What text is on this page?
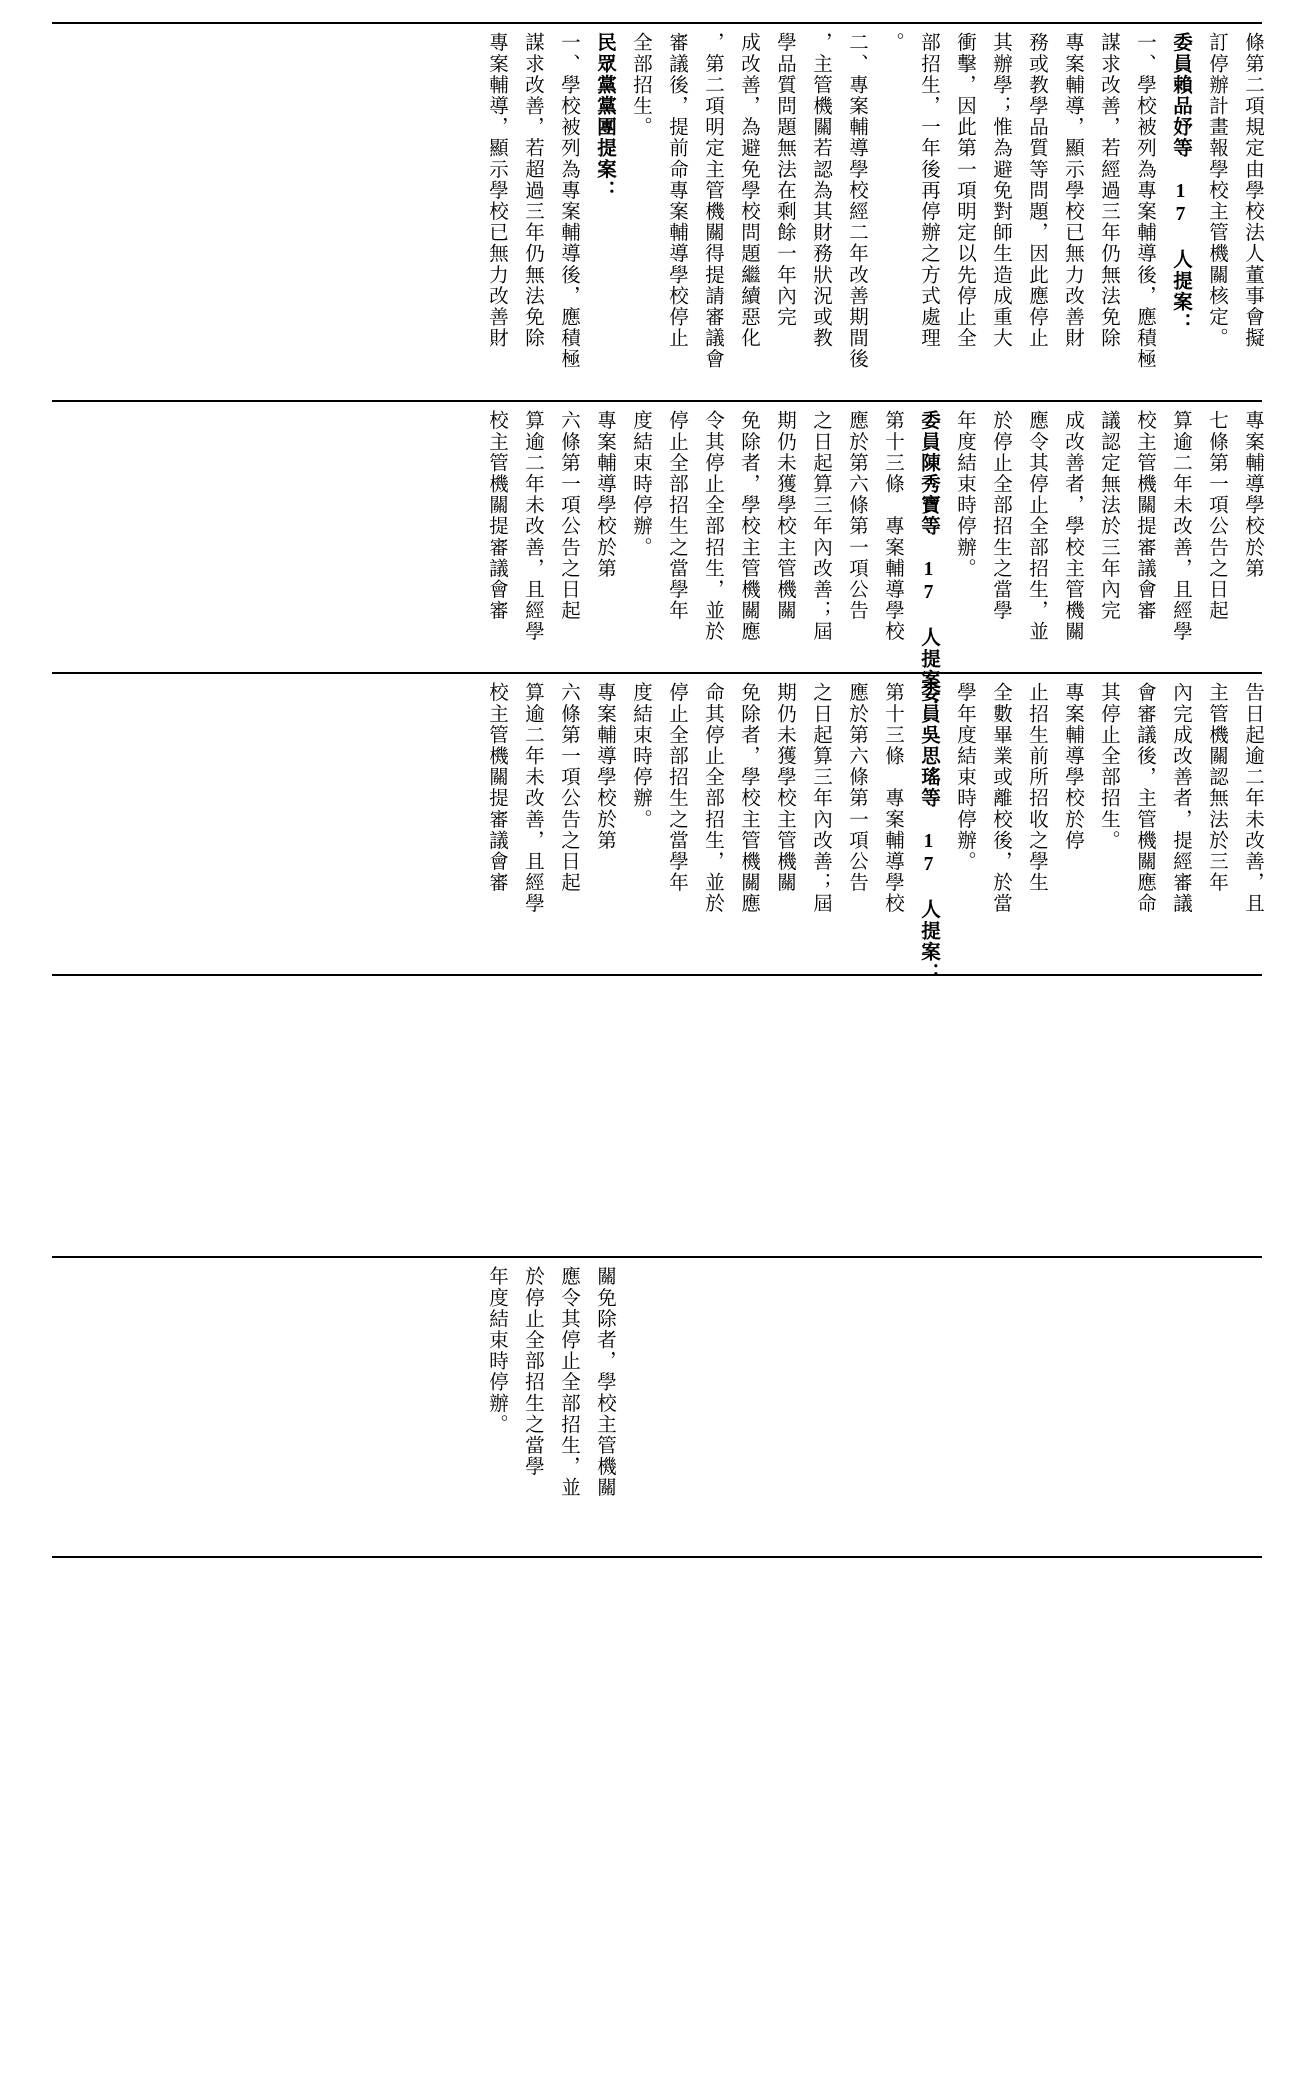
條第二項規定由學校法人董事會擬
訂停辦計畫報學校主管機關核定。
委員賴品妤等 17 人提案：
一、學校被列為專案輔導後，應積極
謀求改善，若經過三年仍無法免除
專案輔導，顯示學校已無力改善財
務或教學品質等問題，因此應停止
其辦學；惟為避免對師生造成重大
衝擊，因此第一項明定以先停止全
部招生，一年後再停辦之方式處理
。
二、專案輔導學校經二年改善期間後
，主管機關若認為其財務狀況或教
學品質問題無法在剩餘一年內完
成改善，為避免學校問題繼續惡化
，第二項明定主管機關得提請審議會
審議後，提前命專案輔導學校停止
全部招生。
民眾黨黨團提案：
一、學校被列為專案輔導後，應積極
謀求改善，若超過三年仍無法免除
專案輔導，顯示學校已無力改善財
專案輔導學校於第
七條第一項公告之日起
算逾二年未改善，且經學
校主管機關提審議會審
議認定無法於三年內完
成改善者，學校主管機關
應令其停止全部招生，並
於停止全部招生之當學
年度結束時停辦。
委員陳秀寶等 17 人提案：
第十三條　專案輔導學校
應於第六條第一項公告
之日起算三年內改善；屆
期仍未獲學校主管機關
免除者，學校主管機關應
令其停止全部招生，並於
停止全部招生之當學年
度結束時停辦。
專案輔導學校於第
六條第一項公告之日起
算逾二年未改善，且經學
校主管機關提審議會審
告日起逾二年未改善，且
主管機關認無法於三年
內完成改善者，提經審議
會審議後，主管機關應命
其停止全部招生。
專案輔導學校於停
止招生前所招收之學生
全數畢業或離校後，於當
學年度結束時停辦。
委員吳思瑤等 17 人提案：
第十三條　專案輔導學校
應於第六條第一項公告
之日起算三年內改善；屆
期仍未獲學校主管機關
免除者，學校主管機關應
命其停止全部招生，並於
停止全部招生之當學年
度結束時停辦。
專案輔導學校於第
六條第一項公告之日起
算逾二年未改善，且經學
校主管機關提審議會審
關免除者，學校主管機關
應令其停止全部招生，並
於停止全部招生之當學
年度結束時停辦。
